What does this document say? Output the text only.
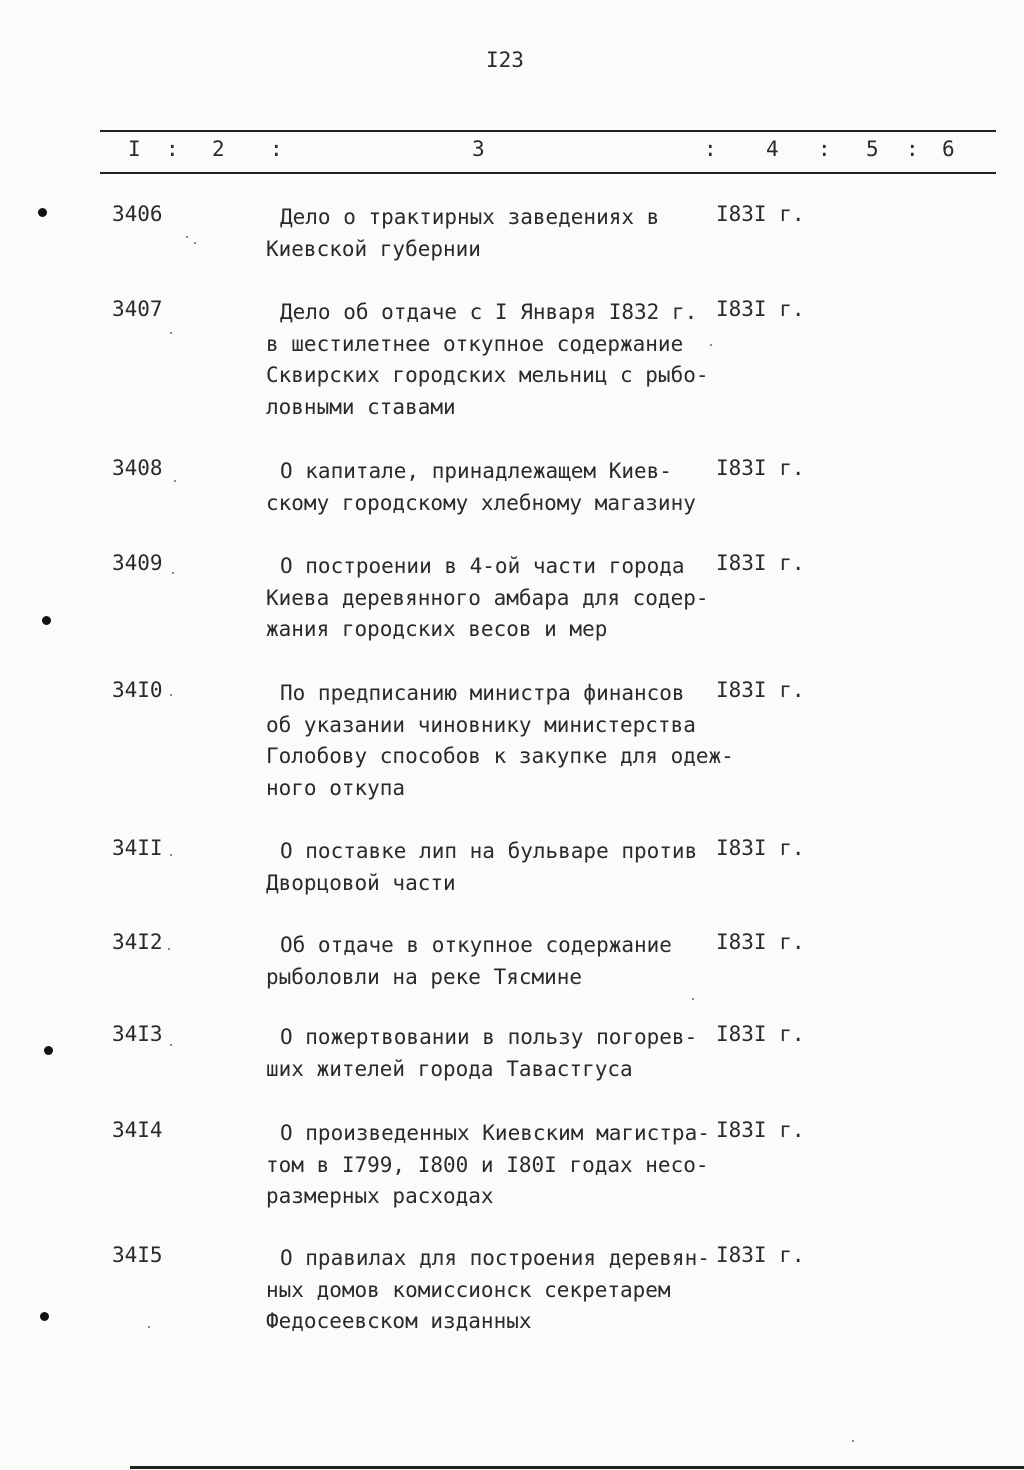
I23
I : 2 :	3	: 4 : 5 : 6
3406	Дело о трактирных заведениях в
Киевской губернии
I83I г.
3407	Дело об отдаче с I Января I832 г.
в шестилетнее откупное содержание
Сквирских городских мельниц с рыбо-
ловными ставами
I83I г.
3408	О капитале, принадлежащем Киев-
скому городскому хлебному магазину
I83I г.
3409	О построении в 4-ой части города
Киева деревянного амбара для содер-
жания городских весов и мер
I83I г.
34I0	По предписанию министра финансов
об указании чиновнику министерства
Голобову способов к закупке для одеж-
ного откупа
I83I г.
34II	О поставке лип на бульваре против
Дворцовой части
I83I г.
34I2	Об отдаче в откупное содержание
рыболовли на реке Тясмине
I83I г.
34I3	О пожертвовании в пользу погорев-
ших жителей города Тавастгуса
I83I г.
34I4	О произведенных Киевским магистра-
том в I799, I800 и I80I годах несо-
размерных расходах
I83I г.
34I5	О правилах для построения деревян-
ных домов комиссионск секретарем
Федосеевском изданных
I83I г.
